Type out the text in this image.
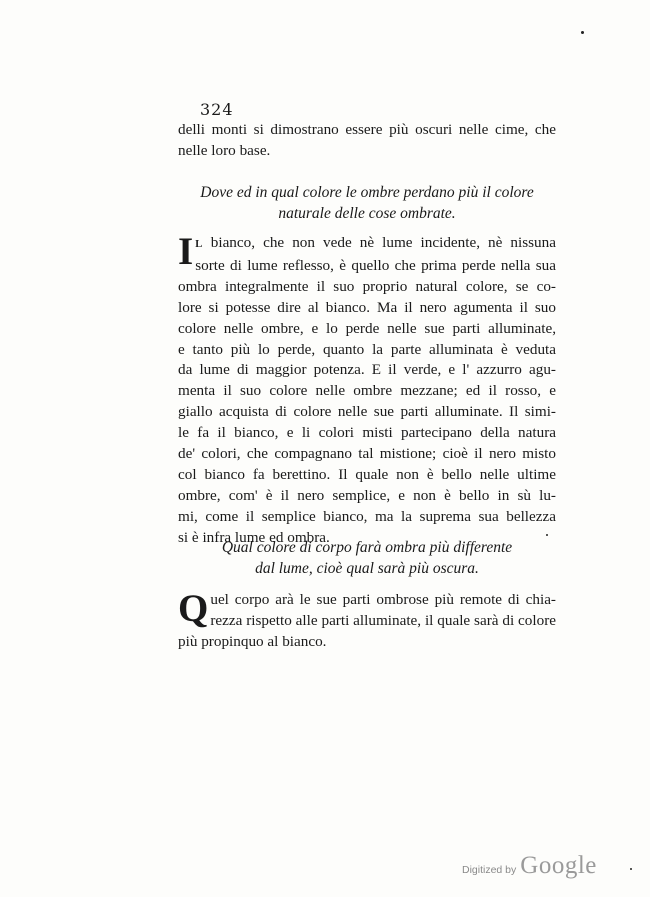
324
delli monti si dimostrano essere più oscuri nelle cime, che
nelle loro base.
Dove ed in qual colore le ombre perdano più il colore
naturale delle cose ombrate.
I L bianco, che non vede nè lume incidente, nè nissuna
sorte di lume reflesso, è quello che prima perde nella sua
ombra integralmente il suo proprio natural colore, se co-
lore si potesse dire al bianco. Ma il nero agumenta il suo
colore nelle ombre, e lo perde nelle sue parti alluminate,
e tanto più lo perde, quanto la parte alluminata è veduta
da lume di maggior potenza. E il verde, e l' azzurro agu-
menta il suo colore nelle ombre mezzane; ed il rosso, e
giallo acquista di colore nelle sue parti alluminate. Il simi-
le fa il bianco, e li colori misti partecipano della natura
de' colori, che compagnano tal mistione; cioè il nero misto
col bianco fa berettino. Il quale non è bello nelle ultime
ombre, com' è il nero semplice, e non è bello in sù lu-
mi, come il semplice bianco, ma la suprema sua bellezza
si è infra lume ed ombra.
Qual colore di corpo farà ombra più differente
dal lume, cioè qual sarà più oscura.
Q uel corpo arà le sue parti ombrose più remote di chia-
rezza rispetto alle parti alluminate, il quale sarà di colore
più propinquo al bianco.
Digitized by Google
